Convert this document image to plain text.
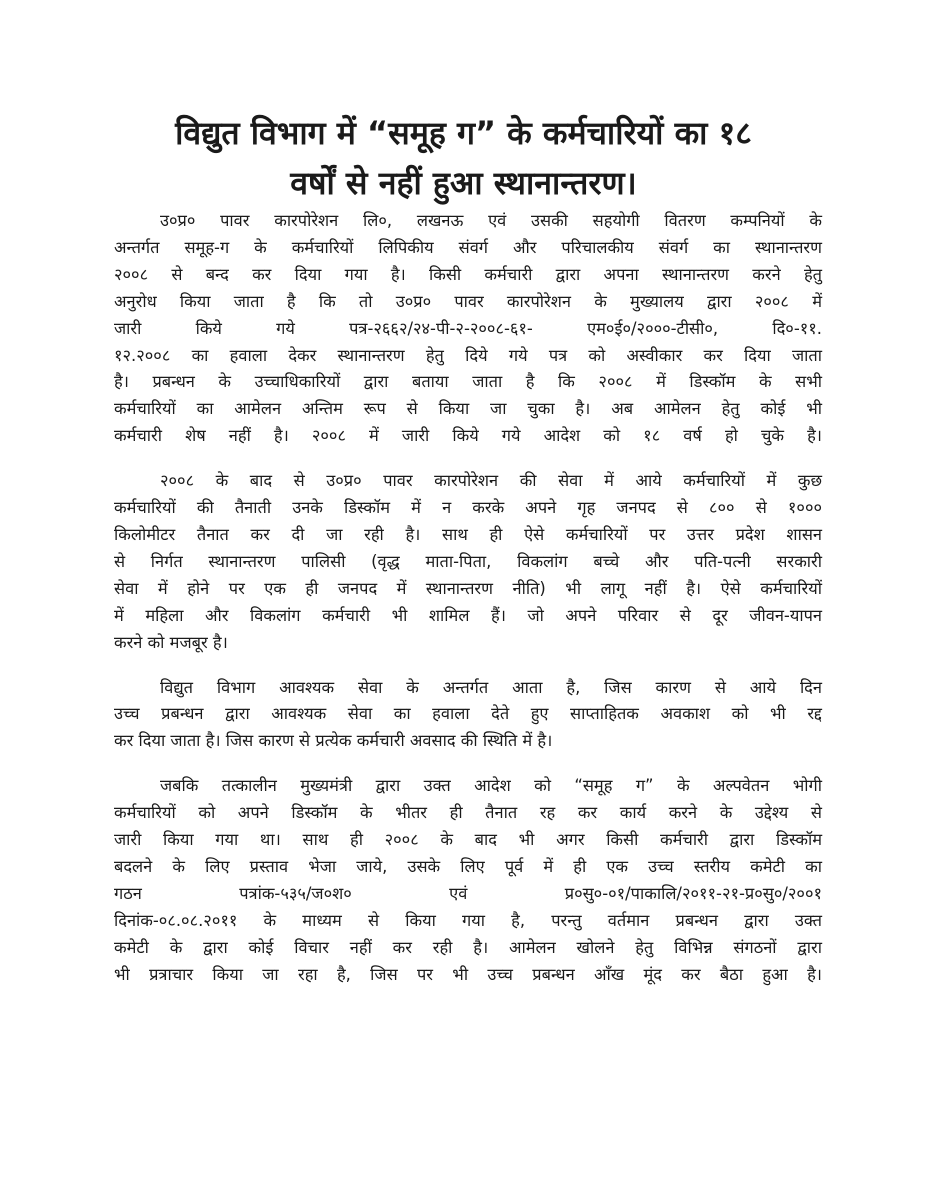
विद्युत विभाग में “समूह ग” के कर्मचारियों का १८
वर्षों से नहीं हुआ स्थानान्तरण।

उ०प्र० पावर कारपोरेशन लि०, लखनऊ एवं उसकी सहयोगी वितरण कम्पनियों के
अन्तर्गत समूह-ग के कर्मचारियों लिपिकीय संवर्ग और परिचालकीय संवर्ग का स्थानान्तरण
२००८ से बन्द कर दिया गया है। किसी कर्मचारी द्वारा अपना स्थानान्तरण करने हेतु
अनुरोध किया जाता है कि तो उ०प्र० पावर कारपोरेशन के मुख्यालय द्वारा २००८ में
जारी किये गये पत्र-२६६२/२४-पी-२-२००८-६१- एम०ई०/२०००-टीसी०, दि०-११.
१२.२००८ का हवाला देकर स्थानान्तरण हेतु दिये गये पत्र को अस्वीकार कर दिया जाता
है। प्रबन्धन के उच्चाधिकारियों द्वारा बताया जाता है कि २००८ में डिस्कॉम के सभी
कर्मचारियों का आमेलन अन्तिम रूप से किया जा चुका है। अब आमेलन हेतु कोई भी
कर्मचारी शेष नहीं है। २००८ में जारी किये गये आदेश को १८ वर्ष हो चुके है।

२००८ के बाद से उ०प्र० पावर कारपोरेशन की सेवा में आये कर्मचारियों में कुछ
कर्मचारियों की तैनाती उनके डिस्कॉम में न करके अपने गृह जनपद से ८०० से १०००
किलोमीटर तैनात कर दी जा रही है। साथ ही ऐसे कर्मचारियों पर उत्तर प्रदेश शासन
से निर्गत स्थानान्तरण पालिसी (वृद्ध माता-पिता, विकलांग बच्चे और पति-पत्नी सरकारी
सेवा में होने पर एक ही जनपद में स्थानान्तरण नीति) भी लागू नहीं है। ऐसे कर्मचारियों
में महिला और विकलांग कर्मचारी भी शामिल हैं। जो अपने परिवार से दूर जीवन-यापन
करने को मजबूर है।

विद्युत विभाग आवश्यक सेवा के अन्तर्गत आता है, जिस कारण से आये दिन
उच्च प्रबन्धन द्वारा आवश्यक सेवा का हवाला देते हुए साप्ताहितक अवकाश को भी रद्द
कर दिया जाता है। जिस कारण से प्रत्येक कर्मचारी अवसाद की स्थिति में है।

जबकि तत्कालीन मुख्यमंत्री द्वारा उक्त आदेश को “समूह ग” के अल्पवेतन भोगी
कर्मचारियों को अपने डिस्कॉम के भीतर ही तैनात रह कर कार्य करने के उद्देश्य से
जारी किया गया था। साथ ही २००८ के बाद भी अगर किसी कर्मचारी द्वारा डिस्कॉम
बदलने के लिए प्रस्ताव भेजा जाये, उसके लिए पूर्व में ही एक उच्च स्तरीय कमेटी का
गठन पत्रांक-५३५/ज०श० एवं प्र०सु०-०१/पाकालि/२०११-२१-प्र०सु०/२००१
दिनांक-०८.०८.२०११ के माध्यम से किया गया है, परन्तु वर्तमान प्रबन्धन द्वारा उक्त
कमेटी के द्वारा कोई विचार नहीं कर रही है। आमेलन खोलने हेतु विभिन्न संगठनों द्वारा
भी प्रत्राचार किया जा रहा है, जिस पर भी उच्च प्रबन्धन आँख मूंद कर बैठा हुआ है।
